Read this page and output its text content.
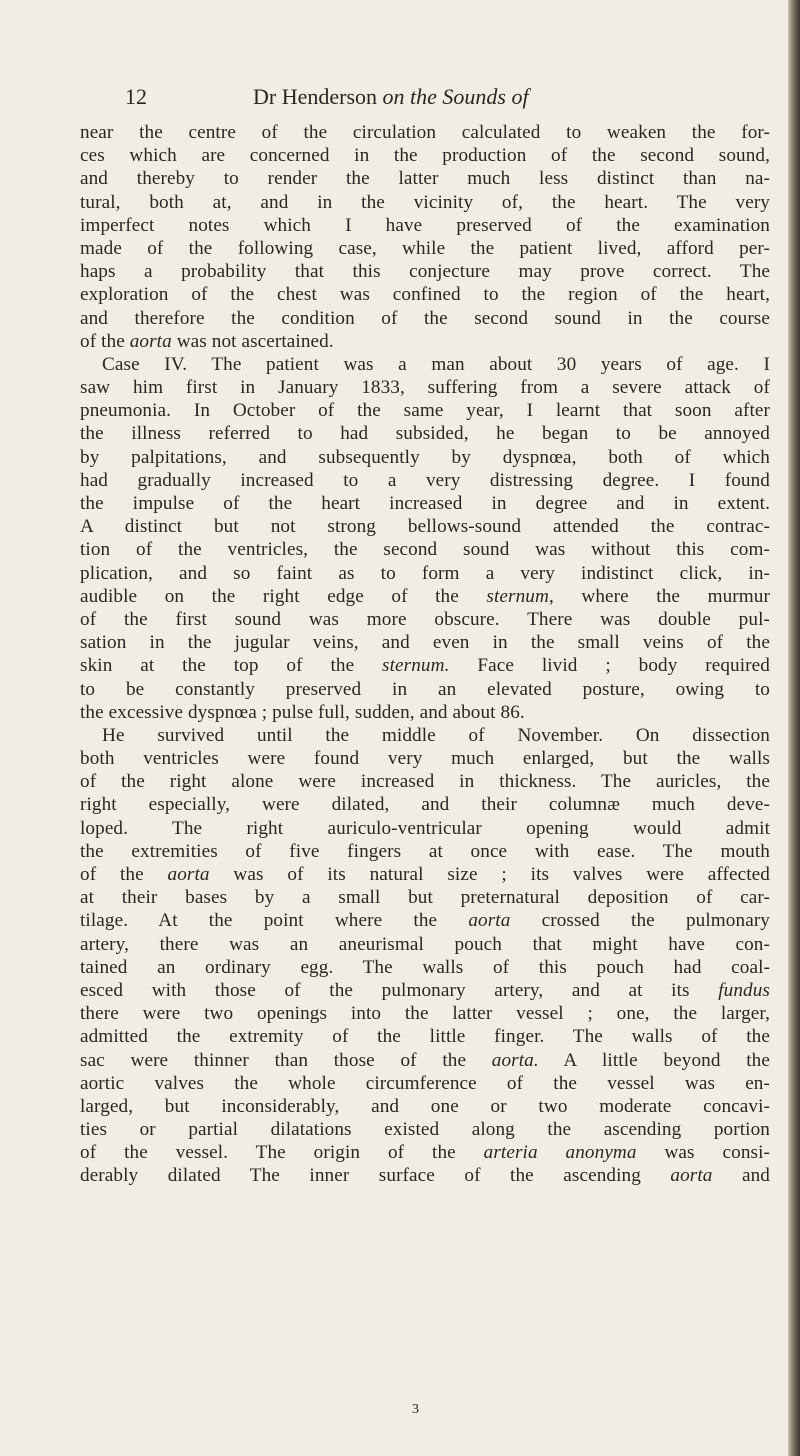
12	Dr Henderson on the Sounds of
near the centre of the circulation calculated to weaken the for-
ces which are concerned in the production of the second sound,
and thereby to render the latter much less distinct than na-
tural, both at, and in the vicinity of, the heart. The very
imperfect notes which I have preserved of the examination
made of the following case, while the patient lived, afford per-
haps a probability that this conjecture may prove correct. The
exploration of the chest was confined to the region of the heart,
and therefore the condition of the second sound in the course
of the aorta was not ascertained.
Case IV. The patient was a man about 30 years of age. I
saw him first in January 1833, suffering from a severe attack of
pneumonia. In October of the same year, I learnt that soon after
the illness referred to had subsided, he began to be annoyed
by palpitations, and subsequently by dyspnœa, both of which
had gradually increased to a very distressing degree. I found
the impulse of the heart increased in degree and in extent.
A distinct but not strong bellows-sound attended the contrac-
tion of the ventricles, the second sound was without this com-
plication, and so faint as to form a very indistinct click, in-
audible on the right edge of the sternum, where the murmur
of the first sound was more obscure. There was double pul-
sation in the jugular veins, and even in the small veins of the
skin at the top of the sternum. Face livid ; body required
to be constantly preserved in an elevated posture, owing to
the excessive dyspnœa ; pulse full, sudden, and about 86.
He survived until the middle of November. On dissection
both ventricles were found very much enlarged, but the walls
of the right alone were increased in thickness. The auricles, the
right especially, were dilated, and their columnæ much deve-
loped. The right auriculo-ventricular opening would admit
the extremities of five fingers at once with ease. The mouth
of the aorta was of its natural size ; its valves were affected
at their bases by a small but preternatural deposition of car-
tilage. At the point where the aorta crossed the pulmonary
artery, there was an aneurismal pouch that might have con-
tained an ordinary egg. The walls of this pouch had coal-
esced with those of the pulmonary artery, and at its fundus
there were two openings into the latter vessel ; one, the larger,
admitted the extremity of the little finger. The walls of the
sac were thinner than those of the aorta. A little beyond the
aortic valves the whole circumference of the vessel was en-
larged, but inconsiderably, and one or two moderate concavi-
ties or partial dilatations existed along the ascending portion
of the vessel. The origin of the arteria anonyma was consi-
derably dilated The inner surface of the ascending aorta and
3
